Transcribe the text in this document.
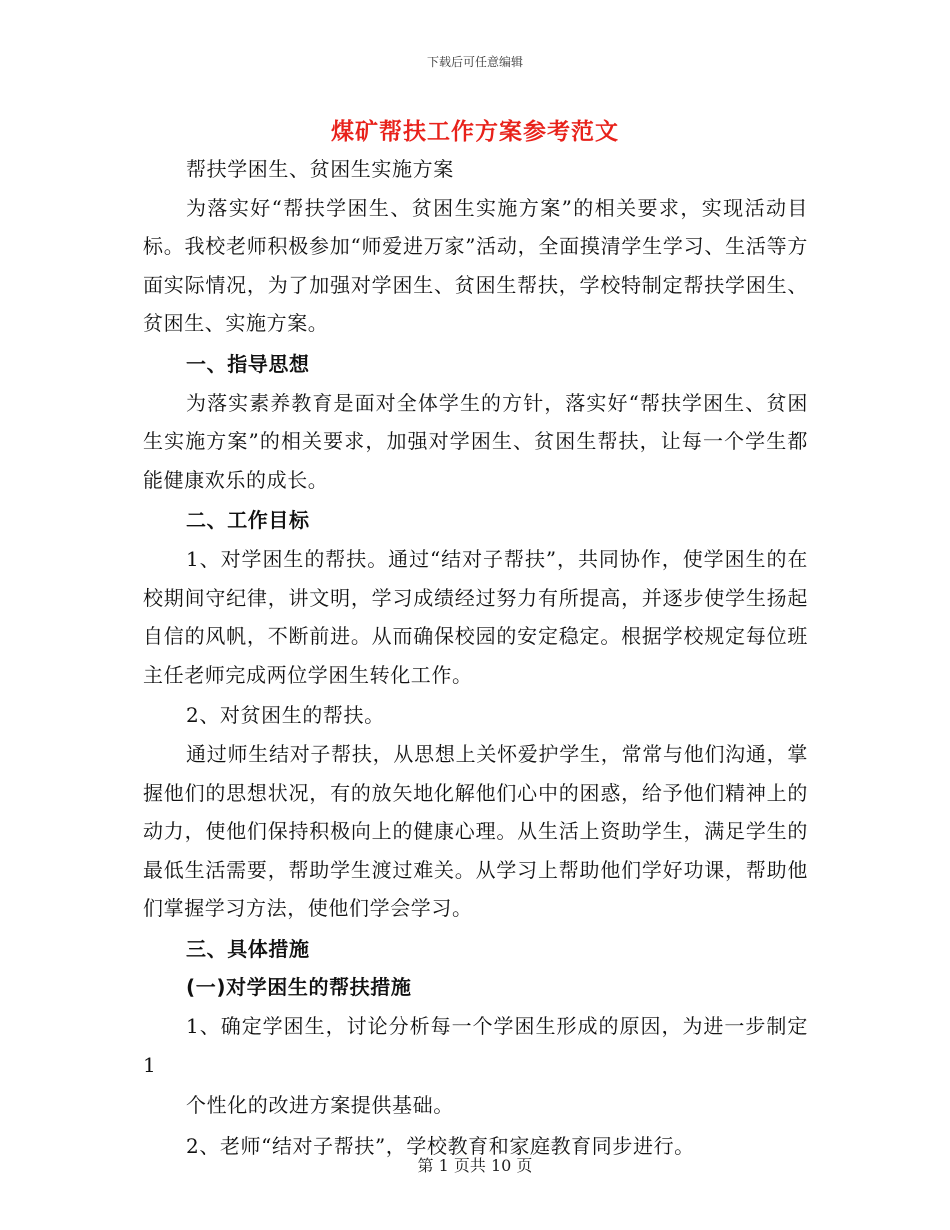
下载后可任意编辑
煤矿帮扶工作方案参考范文

帮扶学困生、贫困生实施方案

为落实好“帮扶学困生、贫困生实施方案”的相关要求，实现活动目标。我校老师积极参加“师爱进万家”活动，全面摸清学生学习、生活等方面实际情况，为了加强对学困生、贫困生帮扶，学校特制定帮扶学困生、贫困生、实施方案。

一、指导思想

为落实素养教育是面对全体学生的方针，落实好“帮扶学困生、贫困生实施方案”的相关要求，加强对学困生、贫困生帮扶，让每一个学生都能健康欢乐的成长。

二、工作目标

1、对学困生的帮扶。通过“结对子帮扶”，共同协作，使学困生的在校期间守纪律，讲文明，学习成绩经过努力有所提高，并逐步使学生扬起自信的风帆，不断前进。从而确保校园的安定稳定。根据学校规定每位班主任老师完成两位学困生转化工作。

2、对贫困生的帮扶。

通过师生结对子帮扶，从思想上关怀爱护学生，常常与他们沟通，掌握他们的思想状况，有的放矢地化解他们心中的困惑，给予他们精神上的动力，使他们保持积极向上的健康心理。从生活上资助学生，满足学生的最低生活需要，帮助学生渡过难关。从学习上帮助他们学好功课，帮助他们掌握学习方法，使他们学会学习。

三、具体措施

(一)对学困生的帮扶措施

1、确定学困生，讨论分析每一个学困生形成的原因，为进一步制定1

个性化的改进方案提供基础。

2、老师“结对子帮扶”，学校教育和家庭教育同步进行。

第 1 页共 10 页
